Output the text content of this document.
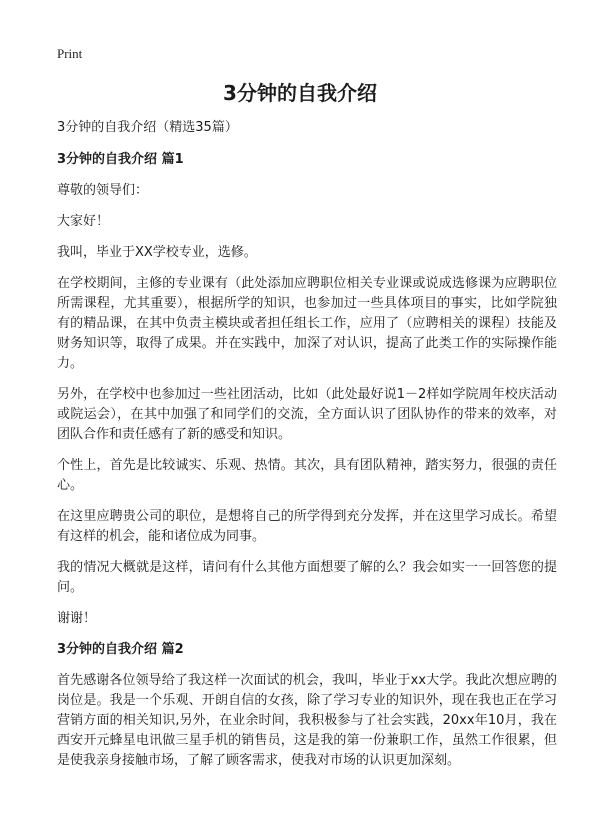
Print
3分钟的自我介绍

3分钟的自我介绍（精选35篇）

3分钟的自我介绍 篇1

尊敬的领导们：

大家好！

我叫，毕业于XX学校专业，选修。

在学校期间，主修的专业课有（此处添加应聘职位相关专业课或说成选修课为应聘职位所需课程，尤其重要），根据所学的知识，也参加过一些具体项目的事实，比如学院独有的精品课，在其中负责主模块或者担任组长工作，应用了（应聘相关的课程）技能及财务知识等，取得了成果。并在实践中，加深了对认识，提高了此类工作的实际操作能力。

另外，在学校中也参加过一些社团活动，比如（此处最好说1－2样如学院周年校庆活动或院运会），在其中加强了和同学们的交流，全方面认识了团队协作的带来的效率，对团队合作和责任感有了新的感受和知识。

个性上，首先是比较诚实、乐观、热情。其次，具有团队精神，踏实努力，很强的责任心。

在这里应聘贵公司的职位，是想将自己的所学得到充分发挥，并在这里学习成长。希望有这样的机会，能和诸位成为同事。

我的情况大概就是这样，请问有什么其他方面想要了解的么？我会如实一一回答您的提问。

谢谢！

3分钟的自我介绍 篇2

首先感谢各位领导给了我这样一次面试的机会，我叫，毕业于xx大学。我此次想应聘的岗位是。我是一个乐观、开朗自信的女孩，除了学习专业的知识外，现在我也正在学习营销方面的相关知识,另外，在业余时间，我积极参与了社会实践，20xx年10月，我在西安开元蜂星电讯做三星手机的销售员，这是我的第一份兼职工作，虽然工作很累，但是使我亲身接触市场，了解了顾客需求，使我对市场的认识更加深刻。
